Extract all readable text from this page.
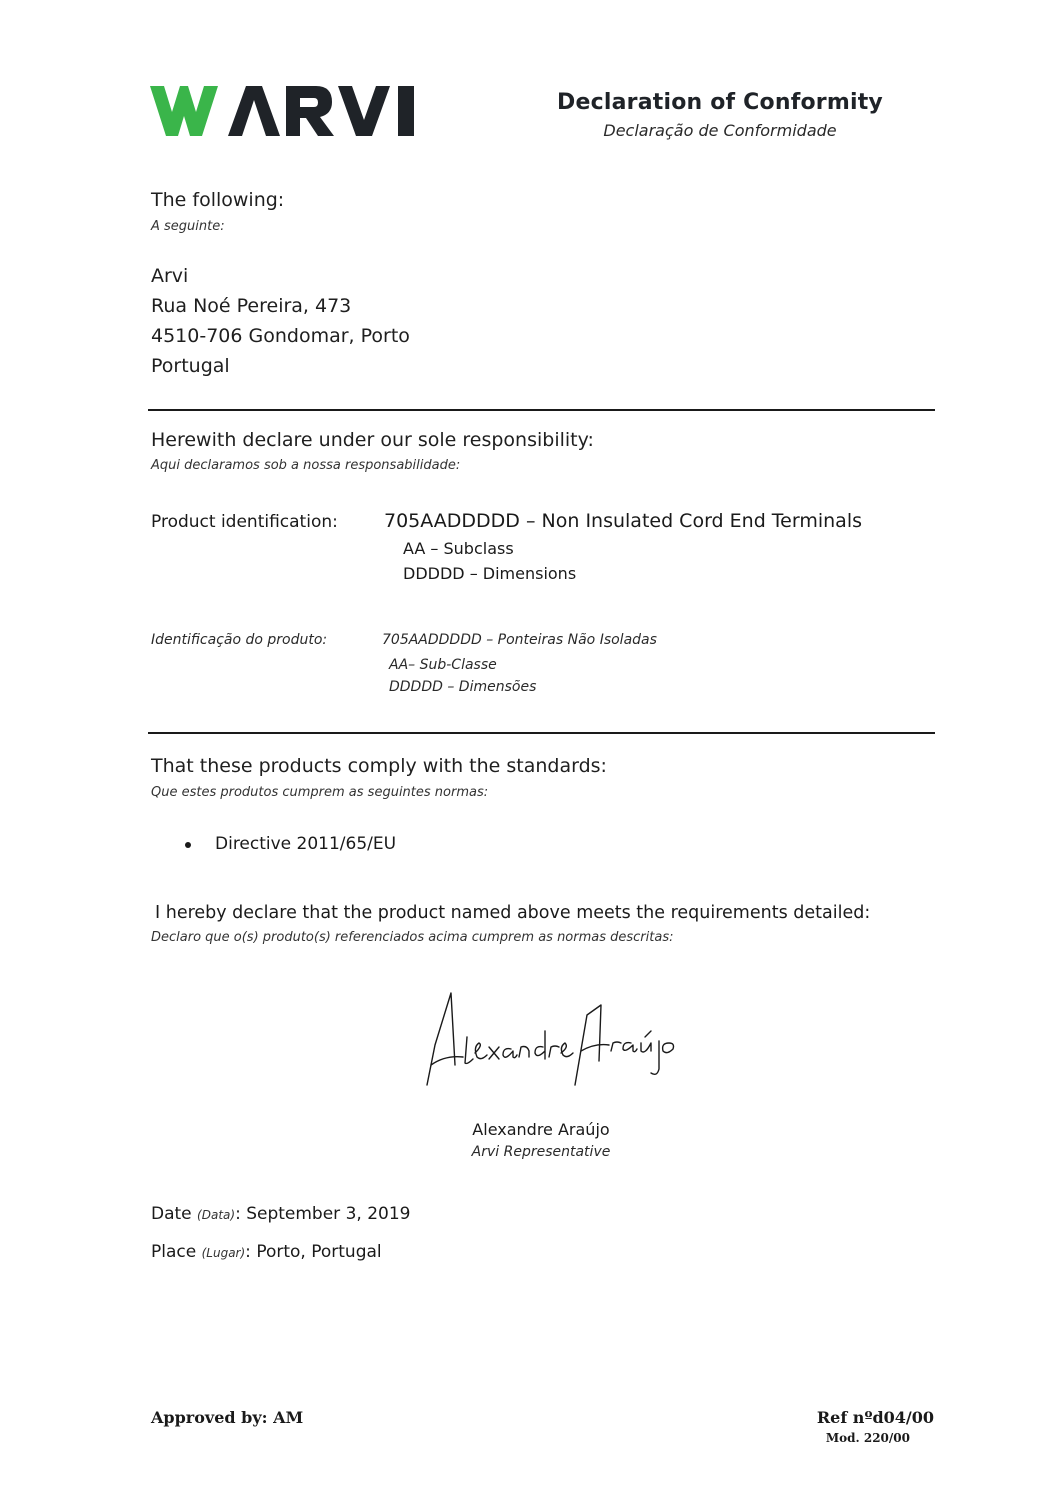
Declaration of Conformity
Declaração de Conformidade
The following:
A seguinte:
Arvi
Rua Noé Pereira, 473
4510-706 Gondomar, Porto
Portugal
Herewith declare under our sole responsibility:
Aqui declaramos sob a nossa responsabilidade:
Product identification: 705AADDDDD – Non Insulated Cord End Terminals
AA – Subclass
DDDDD – Dimensions
Identificação do produto:	705AADDDDD – Ponteiras Não Isoladas
AA– Sub-Classe
DDDDD – Dimensões
That these products comply with the standards:
Que estes produtos cumprem as seguintes normas:
Directive 2011/65/EU
I hereby declare that the product named above meets the requirements detailed:
Declaro que o(s) produto(s) referenciados acima cumprem as normas descritas:
Alexandre Araújo
Arvi Representative
Date (Data): September 3, 2019
Place (Lugar): Porto, Portugal
Approved by: AM	Ref nºd04/00
Mod. 220/00
